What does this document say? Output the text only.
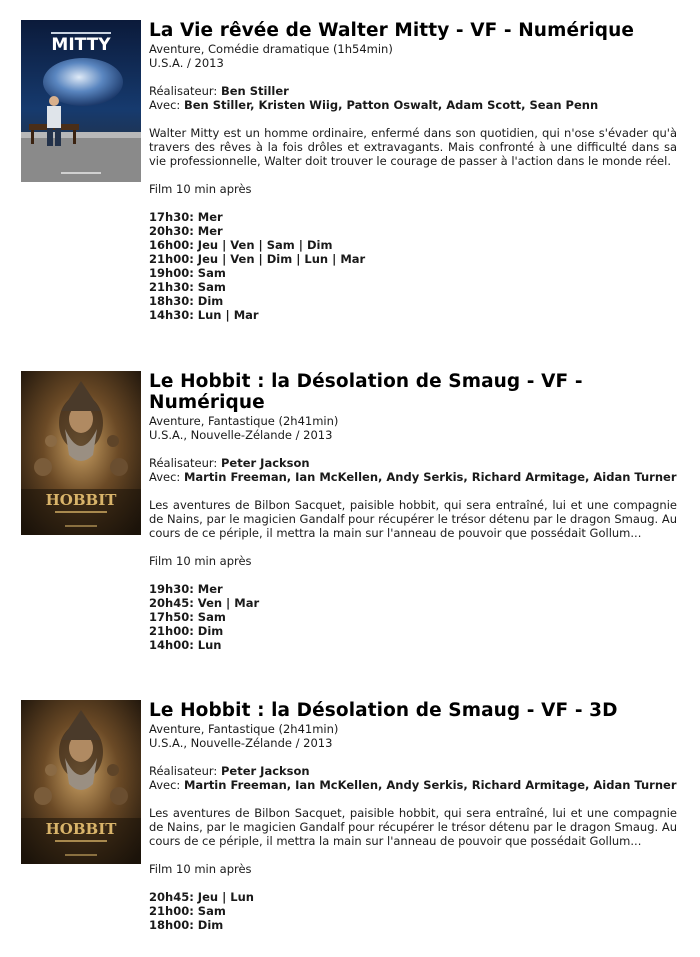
MITTY
La Vie rêvée de Walter Mitty - VF - Numérique
Aventure, Comédie dramatique (1h54min)
U.S.A. / 2013
Réalisateur: Ben Stiller
Avec: Ben Stiller, Kristen Wiig, Patton Oswalt, Adam Scott, Sean Penn

Walter Mitty est un homme ordinaire, enfermé dans son quotidien, qui n'ose s'évader qu'à travers des rêves à la fois drôles et extravagants. Mais confronté à une difficulté dans sa vie professionnelle, Walter doit trouver le courage de passer à l'action dans le monde réel.

Film 10 min après
17h30: Mer
20h30: Mer
16h00: Jeu | Ven | Sam | Dim
21h00: Jeu | Ven | Dim | Lun | Mar
19h00: Sam
21h30: Sam
18h30: Dim
14h30: Lun | Mar
HOBBIT
Le Hobbit : la Désolation de Smaug - VF - Numérique
Aventure, Fantastique (2h41min)
U.S.A., Nouvelle-Zélande / 2013
Réalisateur: Peter Jackson
Avec: Martin Freeman, Ian McKellen, Andy Serkis, Richard Armitage, Aidan Turner

Les aventures de Bilbon Sacquet, paisible hobbit, qui sera entraîné, lui et une compagnie de Nains, par le magicien Gandalf pour récupérer le trésor détenu par le dragon Smaug. Au cours de ce périple, il mettra la main sur l'anneau de pouvoir que possédait Gollum...

Film 10 min après
19h30: Mer
20h45: Ven | Mar
17h50: Sam
21h00: Dim
14h00: Lun
HOBBIT
Le Hobbit : la Désolation de Smaug - VF - 3D
Aventure, Fantastique (2h41min)
U.S.A., Nouvelle-Zélande / 2013
Réalisateur: Peter Jackson
Avec: Martin Freeman, Ian McKellen, Andy Serkis, Richard Armitage, Aidan Turner

Les aventures de Bilbon Sacquet, paisible hobbit, qui sera entraîné, lui et une compagnie de Nains, par le magicien Gandalf pour récupérer le trésor détenu par le dragon Smaug. Au cours de ce périple, il mettra la main sur l'anneau de pouvoir que possédait Gollum...

Film 10 min après
20h45: Jeu | Lun
21h00: Sam
18h00: Dim
